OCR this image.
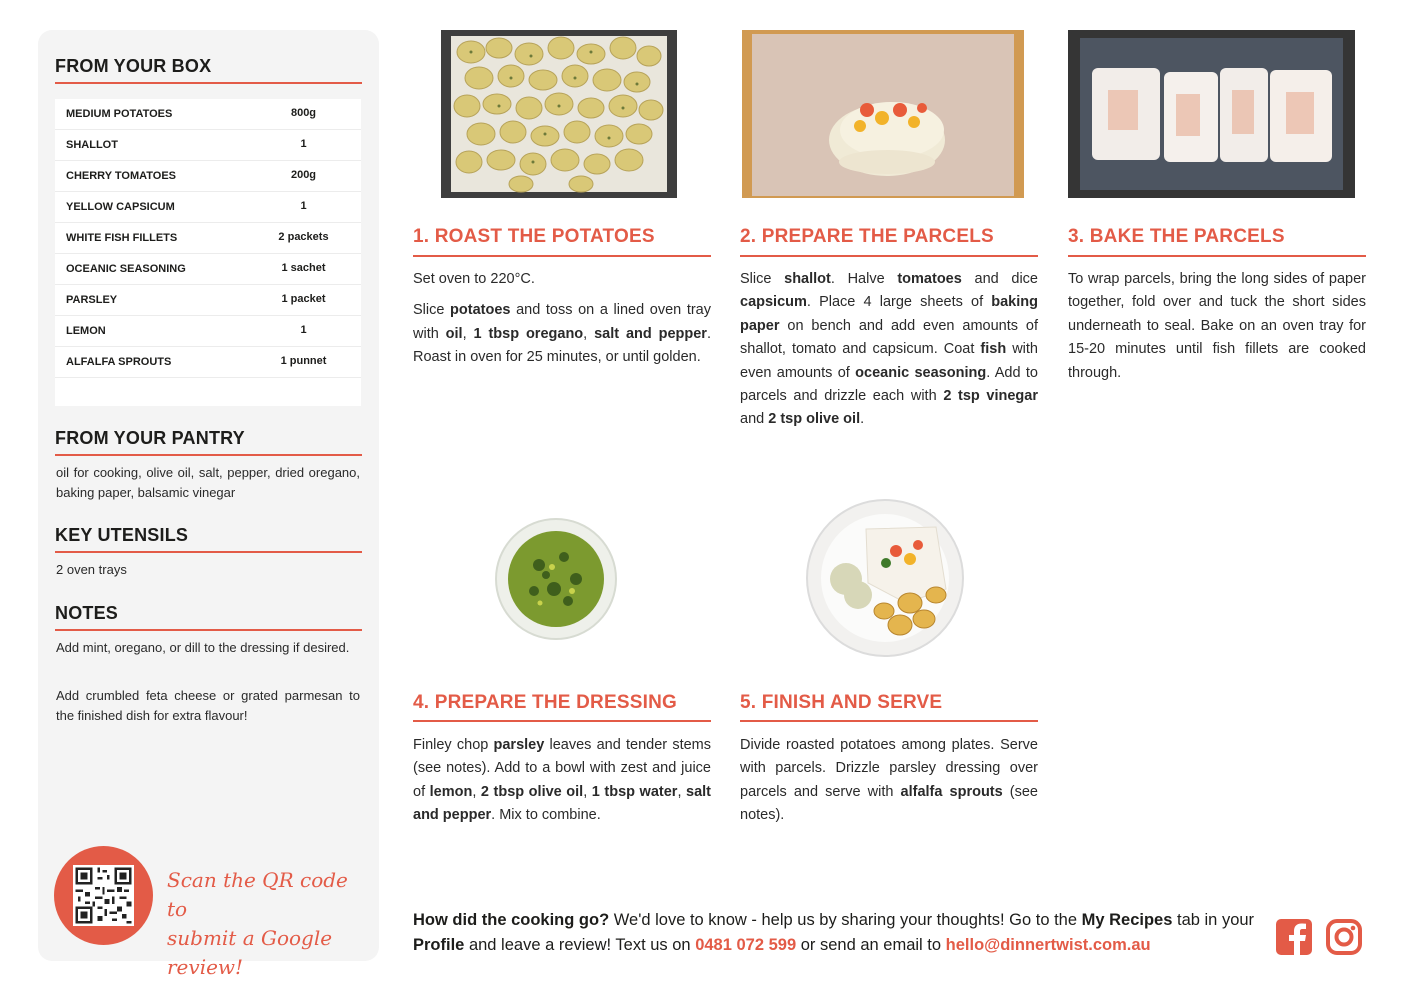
FROM YOUR BOX
MEDIUM POTATOES	800g
SHALLOT	1
CHERRY TOMATOES	200g
YELLOW CAPSICUM	1
WHITE FISH FILLETS	2 packets
OCEANIC SEASONING	1 sachet
PARSLEY	1 packet
LEMON	1
ALFALFA SPROUTS	1 punnet
FROM YOUR PANTRY
oil for cooking, olive oil, salt, pepper, dried oregano, baking paper, balsamic vinegar
KEY UTENSILS
2 oven trays
NOTES
Add mint, oregano, or dill to the dressing if desired.
Add crumbled feta cheese or grated parmesan to the finished dish for extra flavour!
Scan the QR code to
submit a Google review!
1. ROAST THE POTATOES

Set oven to 220°C.

Slice potatoes and toss on a lined oven tray with oil, 1 tbsp oregano, salt and pepper. Roast in oven for 25 minutes, or until golden.

2. PREPARE THE PARCELS

Slice shallot. Halve tomatoes and dice capsicum. Place 4 large sheets of baking paper on bench and add even amounts of shallot, tomato and capsicum. Coat fish with even amounts of oceanic seasoning. Add to parcels and drizzle each with 2 tsp vinegar and 2 tsp olive oil.

3. BAKE THE PARCELS

To wrap parcels, bring the long sides of paper together, fold over and tuck the short sides underneath to seal. Bake on an oven tray for 15-20 minutes until fish fillets are cooked through.

4. PREPARE THE DRESSING

Finley chop parsley leaves and tender stems (see notes). Add to a bowl with zest and juice of lemon, 2 tbsp olive oil, 1 tbsp water, salt and pepper. Mix to combine.

5. FINISH AND SERVE

Divide roasted potatoes among plates. Serve with parcels. Drizzle parsley dressing over parcels and serve with alfalfa sprouts (see notes).

How did the cooking go? We'd love to know - help us by sharing your thoughts! Go to the My Recipes tab in your Profile and leave a review! Text us on 0481 072 599 or send an email to hello@dinnertwist.com.au
